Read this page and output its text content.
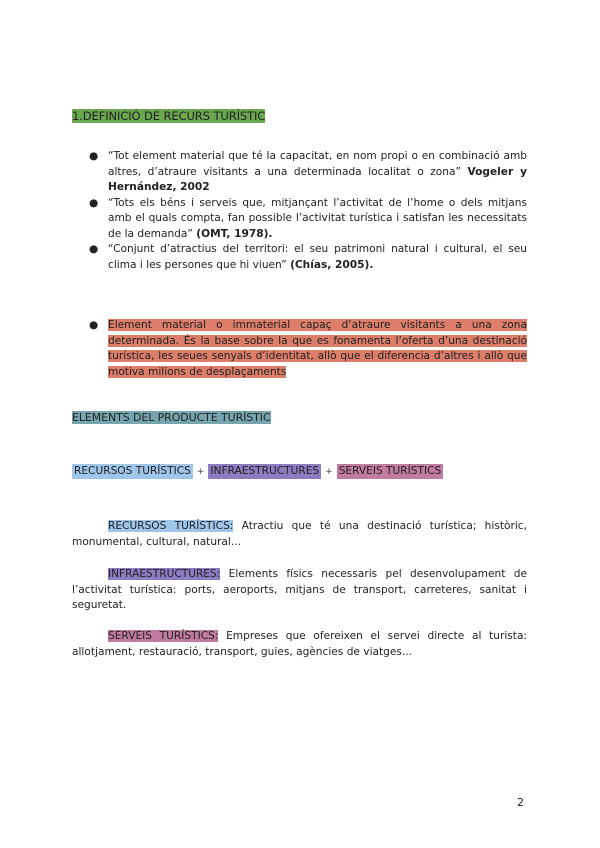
1.DEFINICIÓ DE RECURS TURÍSTIC
● “Tot element material que té la capacitat, en nom propi o en combinació amb altres, d’atraure visitants a una determinada localitat o zona” Vogeler y Hernández, 2002
● “Tots els béns i serveis que, mitjançant l’activitat de l’home o dels mitjans amb el quals compta, fan possible l’activitat turística i satisfan les necessitats de la demanda” (OMT, 1978).
● “Conjunt d’atractius del territori: el seu patrimoni natural i cultural, el seu clima i les persones que hi viuen” (Chías, 2005).
● Element material o immaterial capaç d’atraure visitants a una zona determinada. És la base sobre la que es fonamenta l’oferta d’una destinació turística, les seues senyals d’identitat, allò que el diferencia d’altres i allò que motiva milions de desplaçaments
ELEMENTS DEL PRODUCTE TURÍSTIC
RECURSOS TURÍSTICS + INFRAESTRUCTURES + SERVEIS TURÍSTICS
RECURSOS TURÍSTICS: Atractiu que té una destinació turística; històric, monumental, cultural, natural...
INFRAESTRUCTURES: Elements físics necessaris pel desenvolupament de l’activitat turística: ports, aeroports, mitjans de transport, carreteres, sanitat i seguretat.
SERVEIS TURÍSTICS: Empreses que ofereixen el servei directe al turista: allotjament, restauració, transport, guies, agències de viatges...
2
